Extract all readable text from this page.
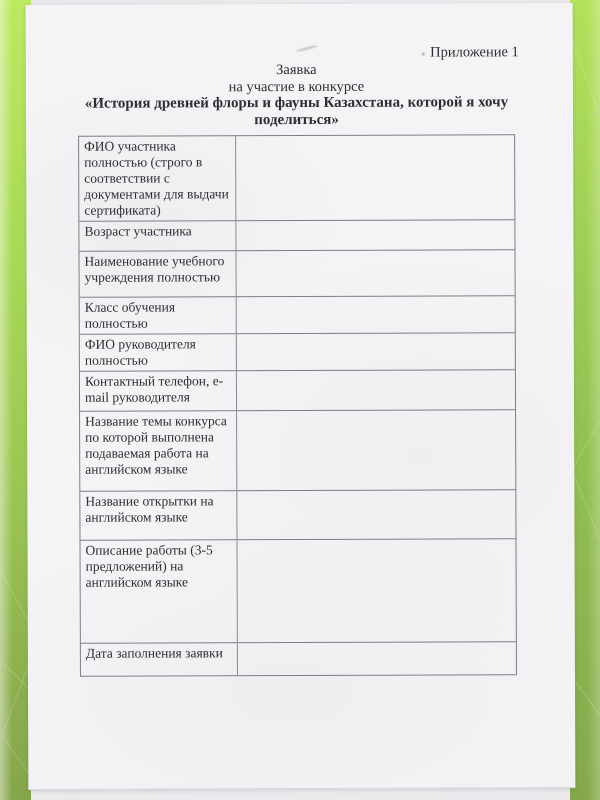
Приложение 1
Заявка
на участие в конкурсе
«История древней флоры и фауны Казахстана, которой я хочу
поделиться»
ФИО участника полностью (строго в соответствии с документами для выдачи сертификата)
Возраст участника
Наименование учебного учреждения полностью
Класс обучения полностью
ФИО руководителя полностью
Контактный телефон, e-mail руководителя
Название темы конкурса по которой выполнена подаваемая работа на английском языке
Название открытки на английском языке
Описание работы (3-5 предложений) на английском языке
Дата заполнения заявки
